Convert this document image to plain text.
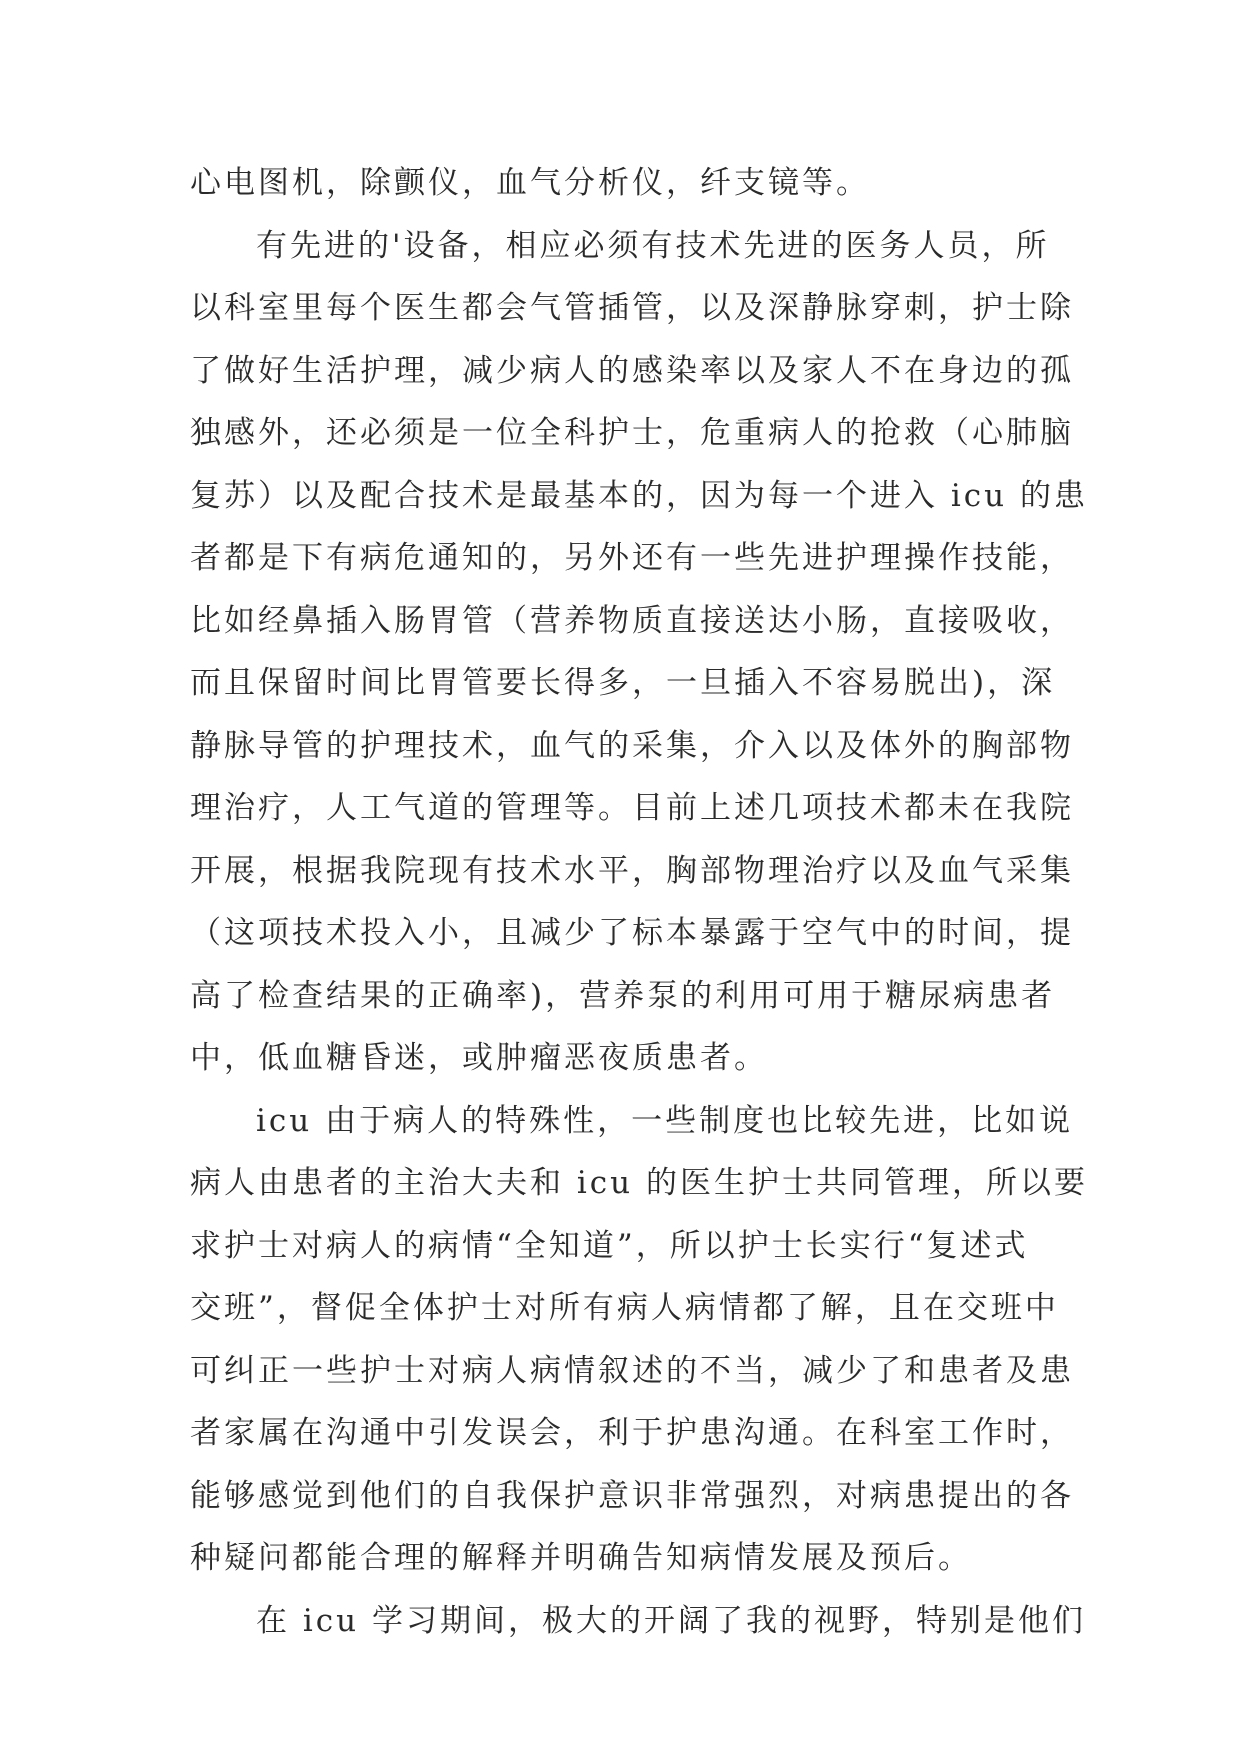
心电图机，除颤仪，血气分析仪，纤支镜等。
有先进的'设备，相应必须有技术先进的医务人员，所
以科室里每个医生都会气管插管，以及深静脉穿刺，护士除
了做好生活护理，减少病人的感染率以及家人不在身边的孤
独感外，还必须是一位全科护士，危重病人的抢救（心肺脑
复苏）以及配合技术是最基本的，因为每一个进入 icu 的患
者都是下有病危通知的，另外还有一些先进护理操作技能，
比如经鼻插入肠胃管（营养物质直接送达小肠，直接吸收，
而且保留时间比胃管要长得多，一旦插入不容易脱出)，深
静脉导管的护理技术，血气的采集，介入以及体外的胸部物
理治疗，人工气道的管理等。目前上述几项技术都未在我院
开展，根据我院现有技术水平，胸部物理治疗以及血气采集
（这项技术投入小，且减少了标本暴露于空气中的时间，提
高了检查结果的正确率)，营养泵的利用可用于糖尿病患者
中，低血糖昏迷，或肿瘤恶夜质患者。
icu 由于病人的特殊性，一些制度也比较先进，比如说
病人由患者的主治大夫和 icu 的医生护士共同管理，所以要
求护士对病人的病情“全知道”，所以护士长实行“复述式
交班”，督促全体护士对所有病人病情都了解，且在交班中
可纠正一些护士对病人病情叙述的不当，减少了和患者及患
者家属在沟通中引发误会，利于护患沟通。在科室工作时，
能够感觉到他们的自我保护意识非常强烈，对病患提出的各
种疑问都能合理的解释并明确告知病情发展及预后。
在 icu 学习期间，极大的开阔了我的视野，特别是他们
